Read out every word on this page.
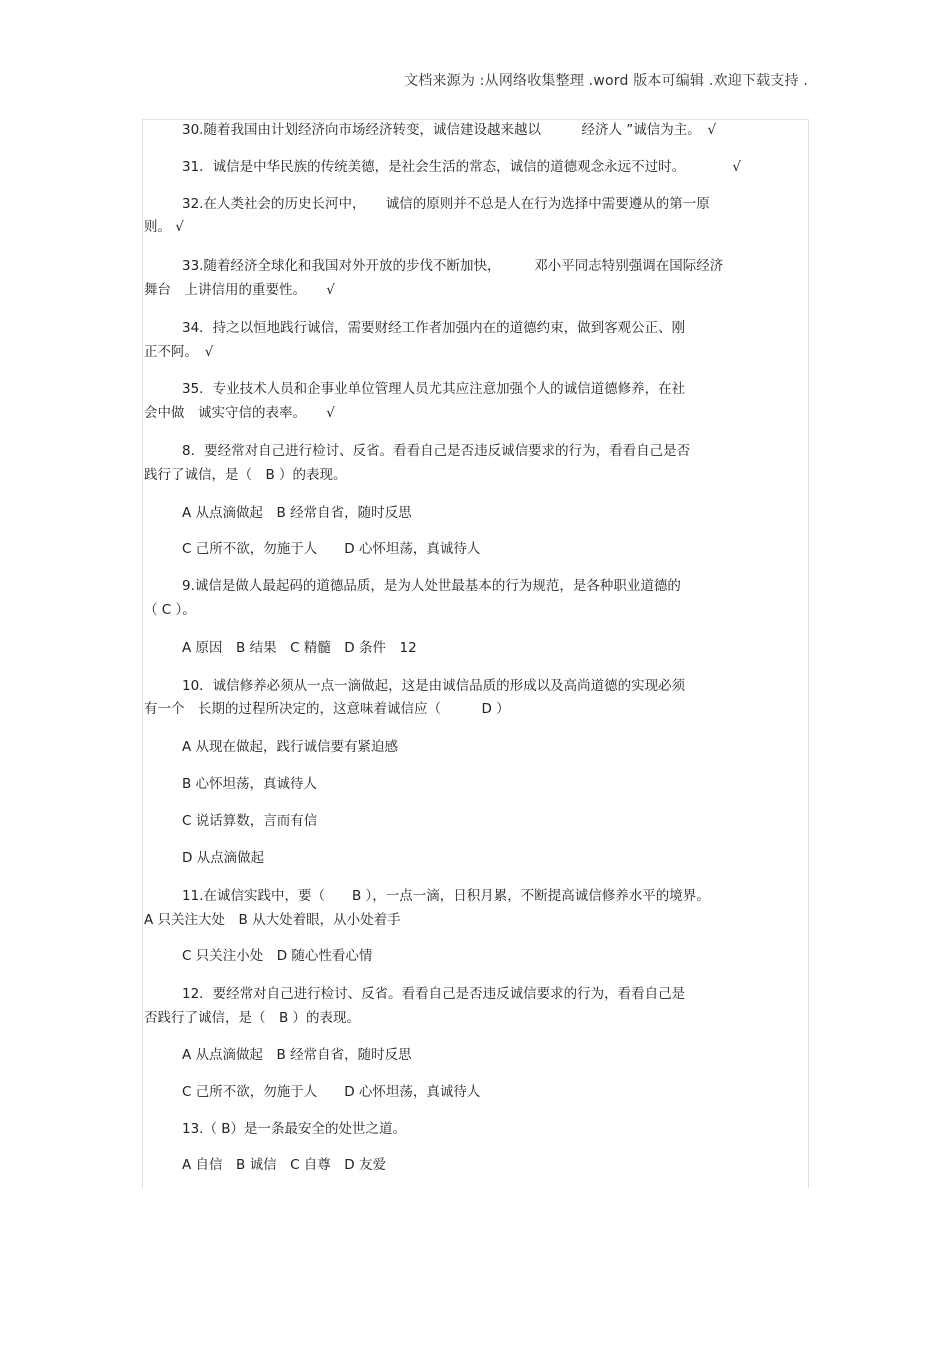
文档来源为 :从网络收集整理 .word 版本可编辑 .欢迎下载支持 .
30.随着我国由计划经济向市场经济转变，诚信建设越来越以　　　经济人 ”诚信为主。　√
31．诚信是中华民族的传统美德，是社会生活的常态，诚信的道德观念永远不过时。　　　　√
32.在人类社会的历史长河中，　　诚信的原则并不总是人在行为选择中需要遵从的第一原
则。 √
33.随着经济全球化和我国对外开放的步伐不断加快，　　　邓小平同志特别强调在国际经济
舞台　上讲信用的重要性。　　√
34．持之以恒地践行诚信，需要财经工作者加强内在的道德约束，做到客观公正、刚
正不阿。　√
35．专业技术人员和企事业单位管理人员尤其应注意加强个人的诚信道德修养，在社
会中做　诚实守信的表率。　　√
8．要经常对自己进行检讨、反省。看看自己是否违反诚信要求的行为，看看自己是否
践行了诚信，是（　B ）的表现。
A 从点滴做起　B 经常自省，随时反思
C 己所不欲，勿施于人　　D 心怀坦荡，真诚待人
9.诚信是做人最起码的道德品质，是为人处世最基本的行为规范，是各种职业道德的
（ C ）。
A 原因　B 结果　C 精髓　D 条件　12
10．诚信修养必须从一点一滴做起，这是由诚信品质的形成以及高尚道德的实现必须
有一个　长期的过程所决定的，这意味着诚信应（　　　D ）
A 从现在做起，践行诚信要有紧迫感
B 心怀坦荡，真诚待人
C 说话算数，言而有信
D 从点滴做起
11.在诚信实践中，要（　　B ），一点一滴，日积月累，不断提高诚信修养水平的境界。
A 只关注大处　B 从大处着眼，从小处着手
C 只关注小处　D 随心性看心情
12．要经常对自己进行检讨、反省。看看自己是否违反诚信要求的行为，看看自己是
否践行了诚信，是（　B ）的表现。
A 从点滴做起　B 经常自省，随时反思
C 己所不欲，勿施于人　　D 心怀坦荡，真诚待人
13.（ B）是一条最安全的处世之道。
A 自信　B 诚信　C 自尊　D 友爱
